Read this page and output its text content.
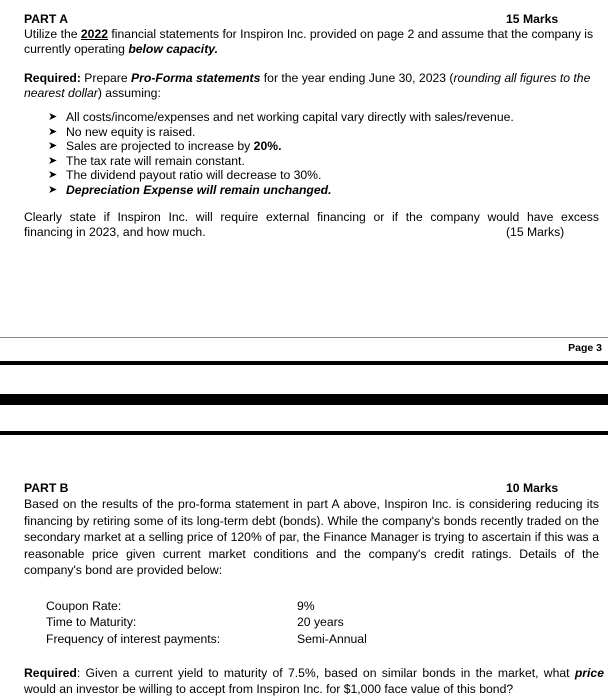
PART A	15 Marks
Utilize the 2022 financial statements for Inspiron Inc. provided on page 2 and assume that the company is currently operating below capacity.
Required: Prepare Pro-Forma statements for the year ending June 30, 2023 (rounding all figures to the nearest dollar) assuming:
➤ All costs/income/expenses and net working capital vary directly with sales/revenue.
➤ No new equity is raised.
➤ Sales are projected to increase by 20%.
➤ The tax rate will remain constant.
➤ The dividend payout ratio will decrease to 30%.
➤ Depreciation Expense will remain unchanged.
Clearly state if Inspiron Inc. will require external financing or if the company would have excess
financing in 2023, and how much.	(15 Marks)
Page 3
PART B	10 Marks
Based on the results of the pro-forma statement in part A above, Inspiron Inc. is considering reducing its financing by retiring some of its long-term debt (bonds). While the company's bonds recently traded on the secondary market at a selling price of 120% of par, the Finance Manager is trying to ascertain if this was a reasonable price given current market conditions and the company's credit ratings. Details of the company's bond are provided below:
Coupon Rate:	9%
Time to Maturity:	20 years
Frequency of interest payments:	Semi-Annual
Required: Given a current yield to maturity of 7.5%, based on similar bonds in the market, what price
would an investor be willing to accept from Inspiron Inc. for $1,000 face value of this bond?
